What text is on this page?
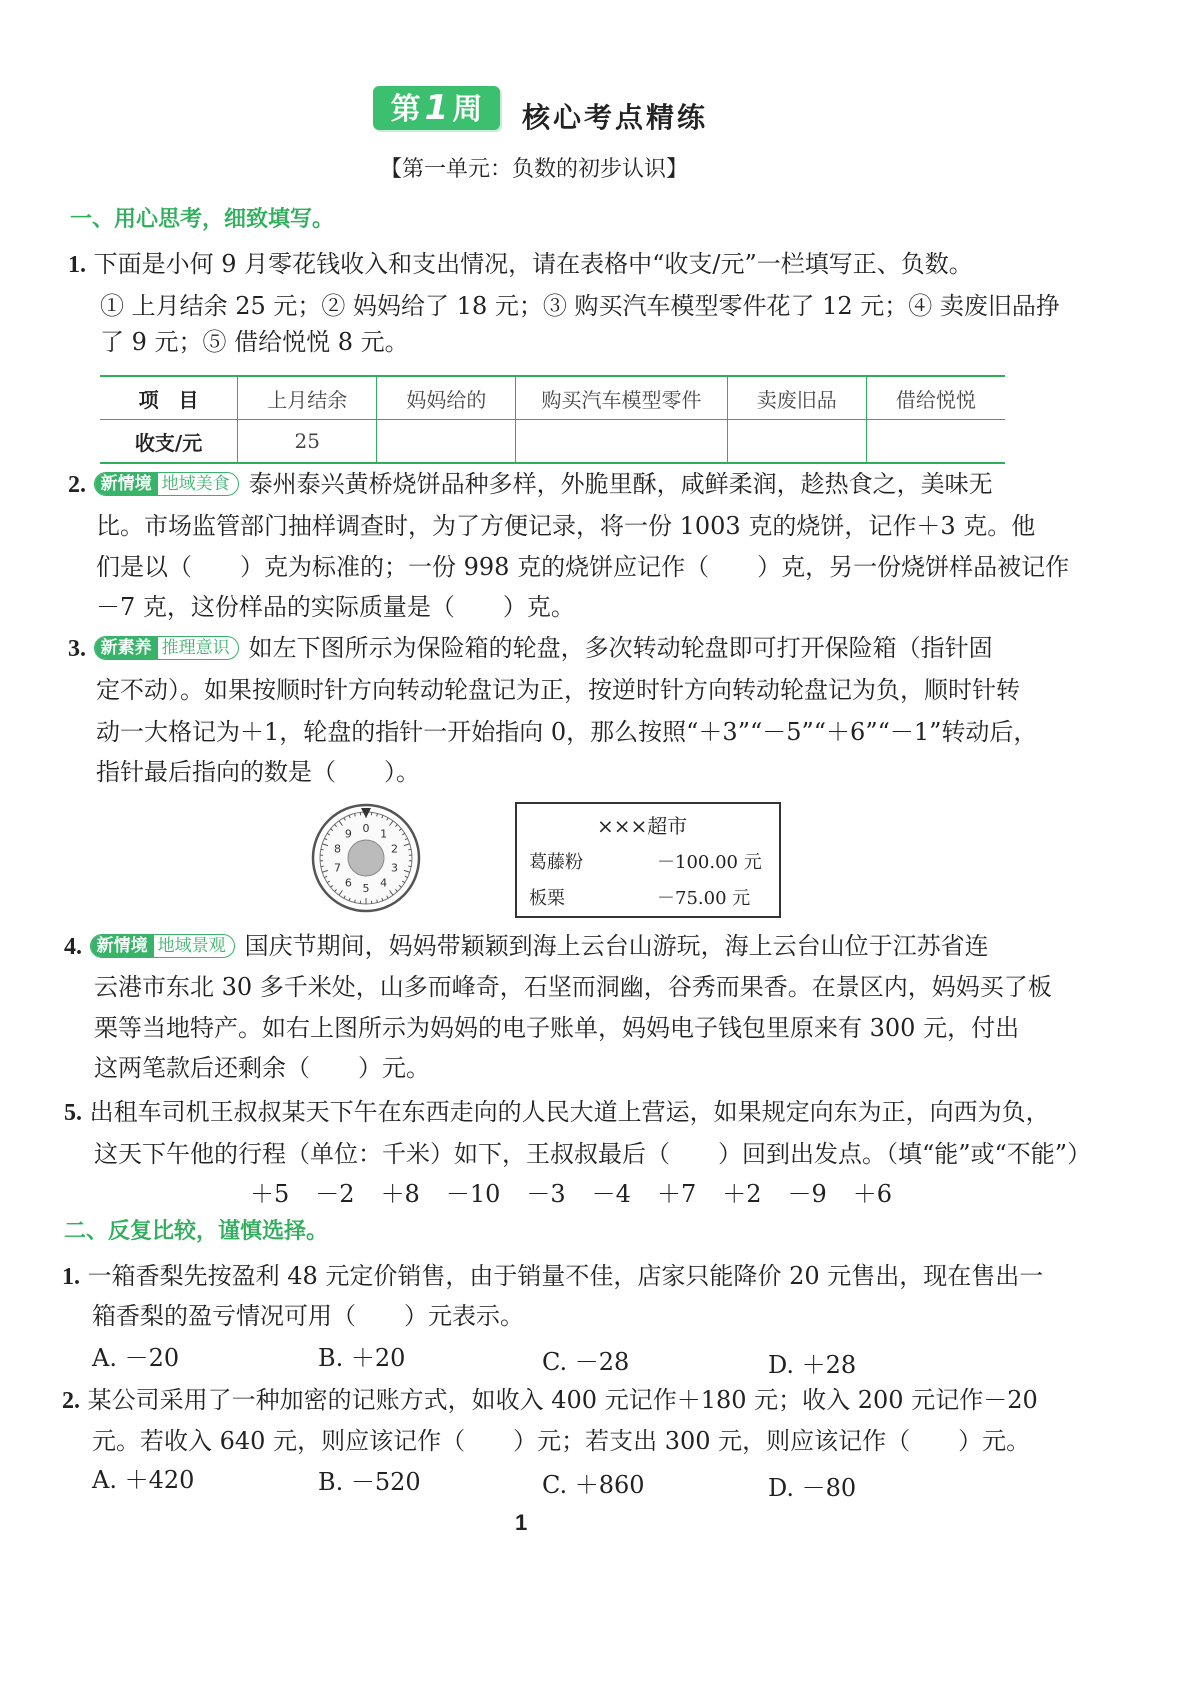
第 1 周	核心考点精练
【第一单元：负数的初步认识】
一、用心思考，细致填写。
1. 下面是小何 9 月零花钱收入和支出情况，请在表格中“收支/元”一栏填写正、负数。
① 上月结余 25 元；② 妈妈给了 18 元；③ 购买汽车模型零件花了 12 元；④ 卖废旧品挣
了 9 元；⑤ 借给悦悦 8 元。
项　目	上月结余	妈妈给的	购买汽车模型零件	卖废旧品	借给悦悦
收支/元	25				
2. 新情境 地域美食 泰州泰兴黄桥烧饼品种多样，外脆里酥，咸鲜柔润，趁热食之，美味无
比。市场监管部门抽样调查时，为了方便记录，将一份 1003 克的烧饼，记作＋3 克。他
们是以（　　）克为标准的；一份 998 克的烧饼应记作（　　）克，另一份烧饼样品被记作
－7 克，这份样品的实际质量是（　　）克。
3. 新素养 推理意识 如左下图所示为保险箱的轮盘，多次转动轮盘即可打开保险箱（指针固
定不动）。如果按顺时针方向转动轮盘记为正，按逆时针方向转动轮盘记为负，顺时针转
动一大格记为＋1，轮盘的指针一开始指向 0，那么按照“＋3”“－5”“＋6”“－1”转动后，
指针最后指向的数是（　　）。
0 1
2
3
4
5
6
7
8
9	×××超市
葛藤粉	－100.00 元
板栗	－75.00 元
4. 新情境 地域景观 国庆节期间，妈妈带颖颖到海上云台山游玩，海上云台山位于江苏省连
云港市东北 30 多千米处，山多而峰奇，石坚而洞幽，谷秀而果香。在景区内，妈妈买了板
栗等当地特产。如右上图所示为妈妈的电子账单，妈妈电子钱包里原来有 300 元，付出
这两笔款后还剩余（　　）元。
5. 出租车司机王叔叔某天下午在东西走向的人民大道上营运，如果规定向东为正，向西为负，
这天下午他的行程（单位：千米）如下，王叔叔最后（　　）回到出发点。（填“能”或“不能”）
＋5 －2 ＋8 －10 －3 －4 ＋7 ＋2 －9 ＋6
二、反复比较，谨慎选择。
1. 一箱香梨先按盈利 48 元定价销售，由于销量不佳，店家只能降价 20 元售出，现在售出一
箱香梨的盈亏情况可用（　　）元表示。
A. －20	B. ＋20	C. －28	D. ＋28
2. 某公司采用了一种加密的记账方式，如收入 400 元记作＋180 元；收入 200 元记作－20
元。若收入 640 元，则应该记作（　　）元；若支出 300 元，则应该记作（　　）元。
A. ＋420	B. －520	C. ＋860	D. －80
1
